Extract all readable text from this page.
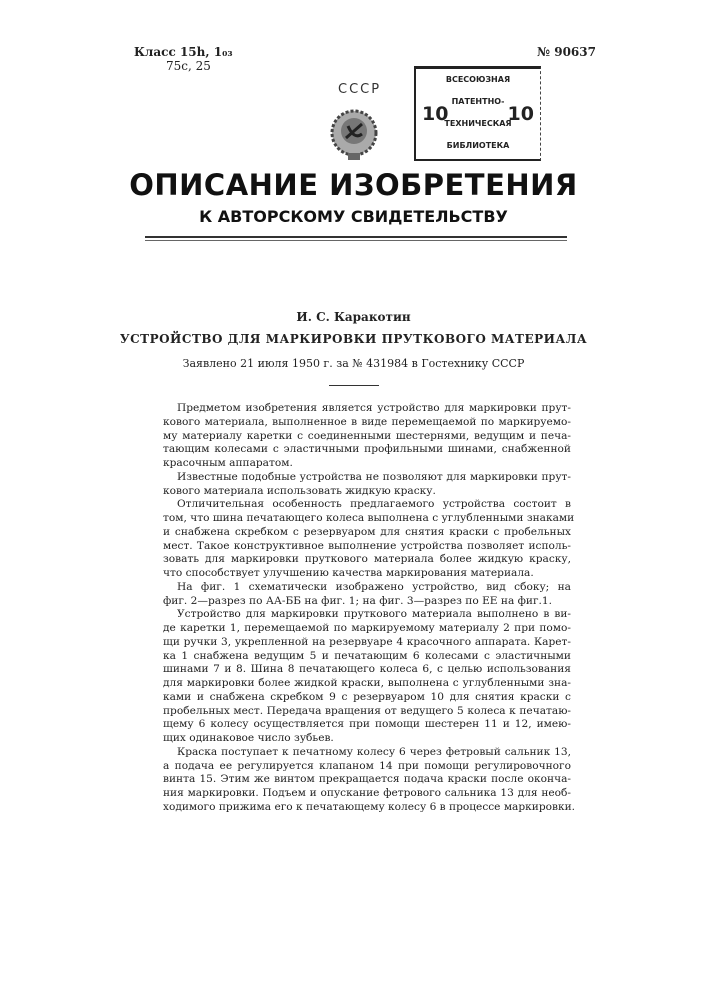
Класс 15h, 1₀₃
75с, 25
№ 90637
СССР
10	10
ВСЕСОЮЗНАЯ
ПАТЕНТНО-
ТЕХНИЧЕСКАЯ
БИБЛИОТЕКА
ОПИСАНИЕ ИЗОБРЕТЕНИЯ
К АВТОРСКОМУ СВИДЕТЕЛЬСТВУ
И. С. Каракотин
УСТРОЙСТВО ДЛЯ МАРКИРОВКИ ПРУТКОВОГО МАТЕРИАЛА
Заявлено 21 июля 1950 г. за № 431984 в Гостехнику СССР
Предметом изобретения является устройство для маркировки прут-
кового материала, выполненное в виде перемещаемой по маркируемо-
му материалу каретки с соединенными шестернями, ведущим и печа-
тающим колесами с эластичными профильными шинами, снабженной
красочным аппаратом.
Известные подобные устройства не позволяют для маркировки прут-
кового материала использовать жидкую краску.
Отличительная особенность предлагаемого устройства состоит в
том, что шина печатающего колеса выполнена с углубленными знаками
и снабжена скребком с резервуаром для снятия краски с пробельных
мест. Такое конструктивное выполнение устройства позволяет исполь-
зовать для маркировки пруткового материала более жидкую краску,
что способствует улучшению качества маркирования материала.
На фиг. 1 схематически изображено устройство, вид сбоку; на
фиг. 2—разрез по АА-ББ на фиг. 1; на фиг. 3—разрез по ЕЕ на фиг.1.
Устройство для маркировки пруткового материала выполнено в ви-
де каретки 1, перемещаемой по маркируемому материалу 2 при помо-
щи ручки 3, укрепленной на резервуаре 4 красочного аппарата. Карет-
ка 1 снабжена ведущим 5 и печатающим 6 колесами с эластичными
шинами 7 и 8. Шина 8 печатающего колеса 6, с целью использования
для маркировки более жидкой краски, выполнена с углубленными зна-
ками и снабжена скребком 9 с резервуаром 10 для снятия краски с
пробельных мест. Передача вращения от ведущего 5 колеса к печатаю-
щему 6 колесу осуществляется при помощи шестерен 11 и 12, имею-
щих одинаковое число зубьев.
Краска поступает к печатному колесу 6 через фетровый сальник 13,
а подача ее регулируется клапаном 14 при помощи регулировочного
винта 15. Этим же винтом прекращается подача краски после оконча-
ния маркировки. Подъем и опускание фетрового сальника 13 для необ-
ходимого прижима его к печатающему колесу 6 в процессе маркировки.
